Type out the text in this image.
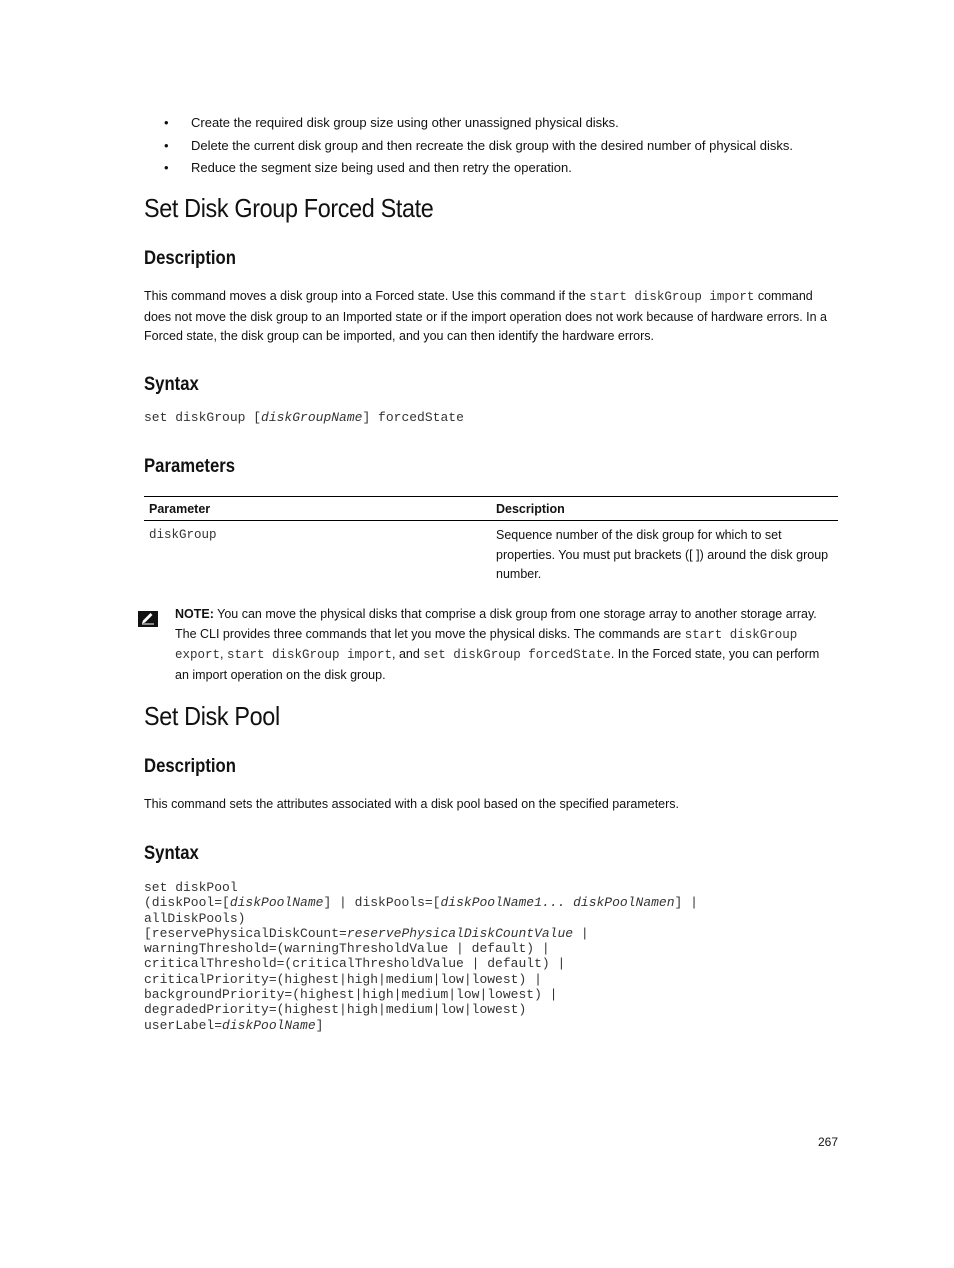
• Create the required disk group size using other unassigned physical disks.
• Delete the current disk group and then recreate the disk group with the desired number of physical disks.
• Reduce the segment size being used and then retry the operation.
Set Disk Group Forced State
Description

This command moves a disk group into a Forced state. Use this command if the start diskGroup import command does not move the disk group to an Imported state or if the import operation does not work because of hardware errors. In a Forced state, the disk group can be imported, and you can then identify the hardware errors.

Syntax
set diskGroup [diskGroupName] forcedState
Parameters
Parameter	Description
diskGroup	Sequence number of the disk group for which to set properties. You must put brackets ([ ]) around the disk group number.

NOTE: You can move the physical disks that comprise a disk group from one storage array to another storage array. The CLI provides three commands that let you move the physical disks. The commands are start diskGroup export, start diskGroup import, and set diskGroup forcedState. In the Forced state, you can perform an import operation on the disk group.

Set Disk Pool
Description

This command sets the attributes associated with a disk pool based on the specified parameters.

Syntax
set diskPool
(diskPool=[diskPoolName] | diskPools=[diskPoolName1... diskPoolNamen] |
allDiskPools)
[reservePhysicalDiskCount=reservePhysicalDiskCountValue |
warningThreshold=(warningThresholdValue | default) |
criticalThreshold=(criticalThresholdValue | default) |
criticalPriority=(highest|high|medium|low|lowest) |
backgroundPriority=(highest|high|medium|low|lowest) |
degradedPriority=(highest|high|medium|low|lowest)
userLabel=diskPoolName]
267
